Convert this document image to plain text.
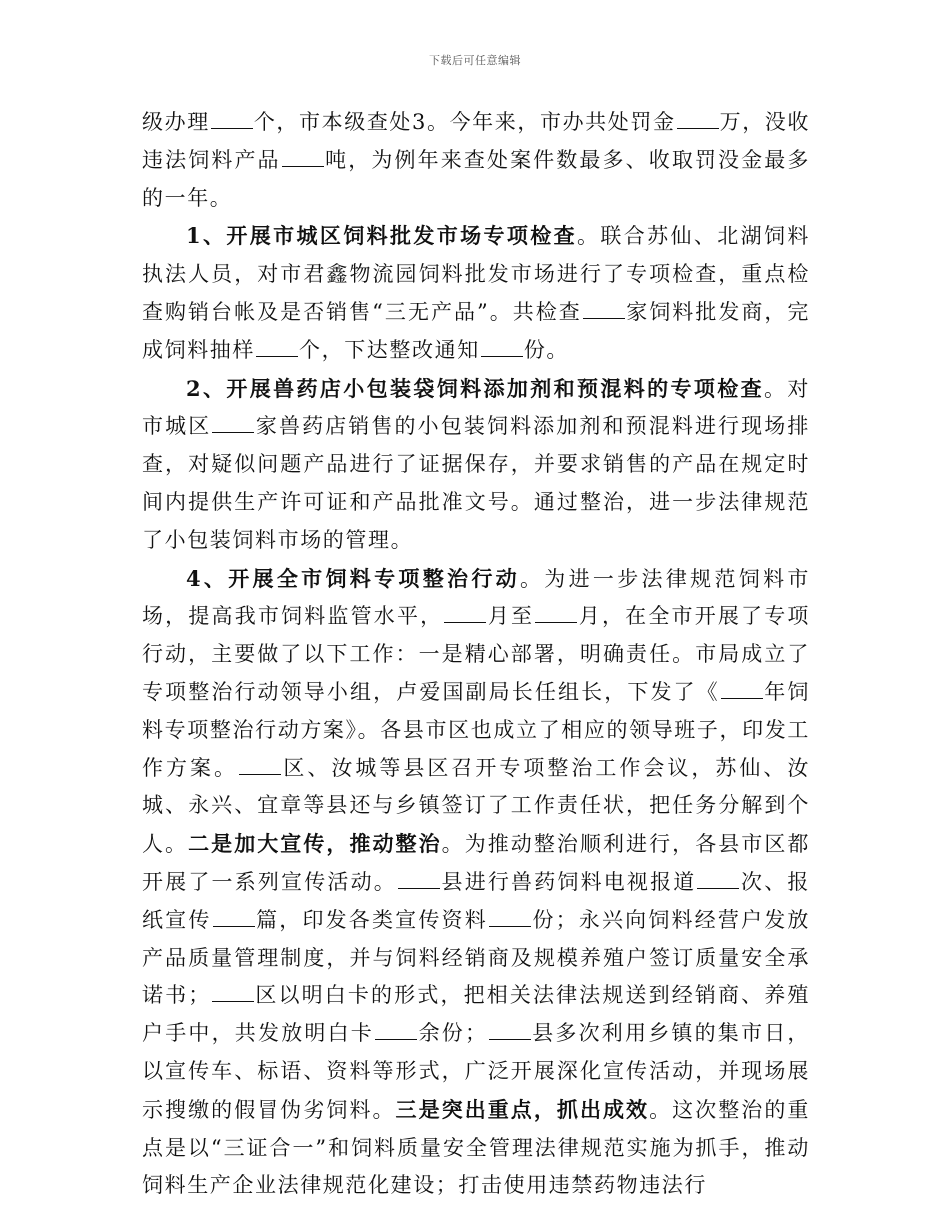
下载后可任意编辑

级办理 个，市本级查处3。今年来，市办共处罚金 万，没收违法饲料产品 吨，为例年来查处案件数最多、收取罚没金最多的一年。

1、开展市城区饲料批发市场专项检查。联合苏仙、北湖饲料执法人员，对市君鑫物流园饲料批发市场进行了专项检查，重点检查购销台帐及是否销售“三无产品”。共检查 家饲料批发商，完成饲料抽样 个，下达整改通知 份。

2、开展兽药店小包装袋饲料添加剂和预混料的专项检查。对市城区 家兽药店销售的小包装饲料添加剂和预混料进行现场排查，对疑似问题产品进行了证据保存，并要求销售的产品在规定时间内提供生产许可证和产品批准文号。通过整治，进一步法律规范了小包装饲料市场的管理。

4、开展全市饲料专项整治行动。为进一步法律规范饲料市场，提高我市饲料监管水平， 月至 月，在全市开展了专项行动，主要做了以下工作：一是精心部署，明确责任。市局成立了专项整治行动领导小组，卢爱国副局长任组长，下发了《 年饲料专项整治行动方案》。各县市区也成立了相应的领导班子，印发工作方案。 区、汝城等县区召开专项整治工作会议，苏仙、汝城、永兴、宜章等县还与乡镇签订了工作责任状，把任务分解到个人。二是加大宣传，推动整治。为推动整治顺利进行，各县市区都开展了一系列宣传活动。 县进行兽药饲料电视报道 次、报纸宣传 篇，印发各类宣传资料 份；永兴向饲料经营户发放产品质量管理制度，并与饲料经销商及规模养殖户签订质量安全承诺书； 区以明白卡的形式，把相关法律法规送到经销商、养殖户手中，共发放明白卡 余份； 县多次利用乡镇的集市日，以宣传车、标语、资料等形式，广泛开展深化宣传活动，并现场展示搜缴的假冒伪劣饲料。三是突出重点，抓出成效。这次整治的重点是以“三证合一”和饲料质量安全管理法律规范实施为抓手，推动饲料生产企业法律规范化建设；打击使用违禁药物违法行
